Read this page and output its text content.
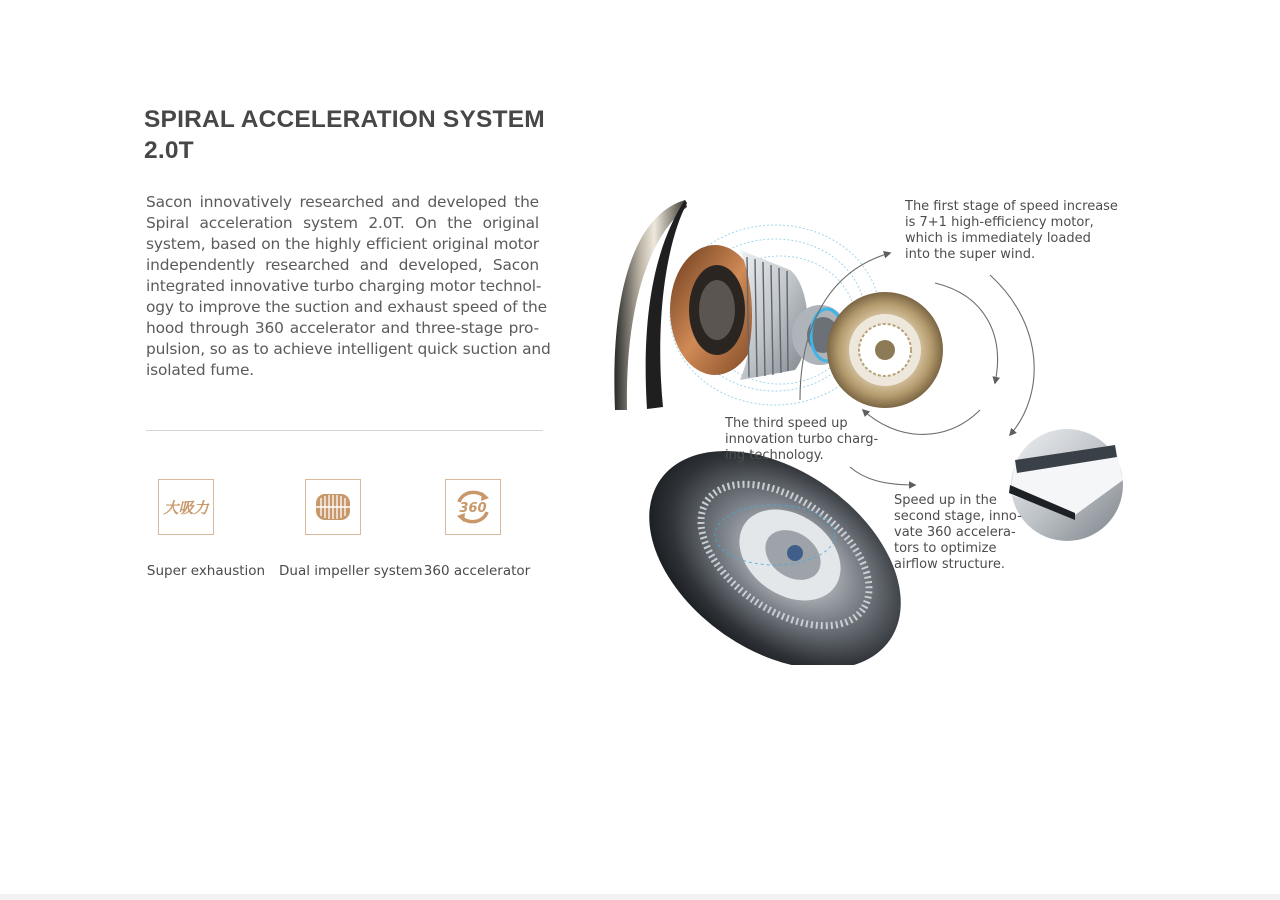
SPIRAL ACCELERATION SYSTEM
2.0T

Sacon innovatively researched and developed the
Spiral acceleration system 2.0T. On the original
system, based on the highly efficient original motor
independently researched and developed, Sacon
integrated innovative turbo charging motor technol-
ogy to improve the suction and exhaust speed of the
hood through 360 accelerator and three-stage pro-
pulsion, so as to achieve intelligent quick suction and
isolated fume.

大吸力
Super exhaustion Dual impeller system
360
360 accelerator

The first stage of speed increase
is 7+1 high-efficiency motor,
which is immediately loaded
into the super wind.

The third speed up
innovation turbo charg-
ing technology.

Speed up in the
second stage, inno-
vate 360 accelera-
tors to optimize
airflow structure.
